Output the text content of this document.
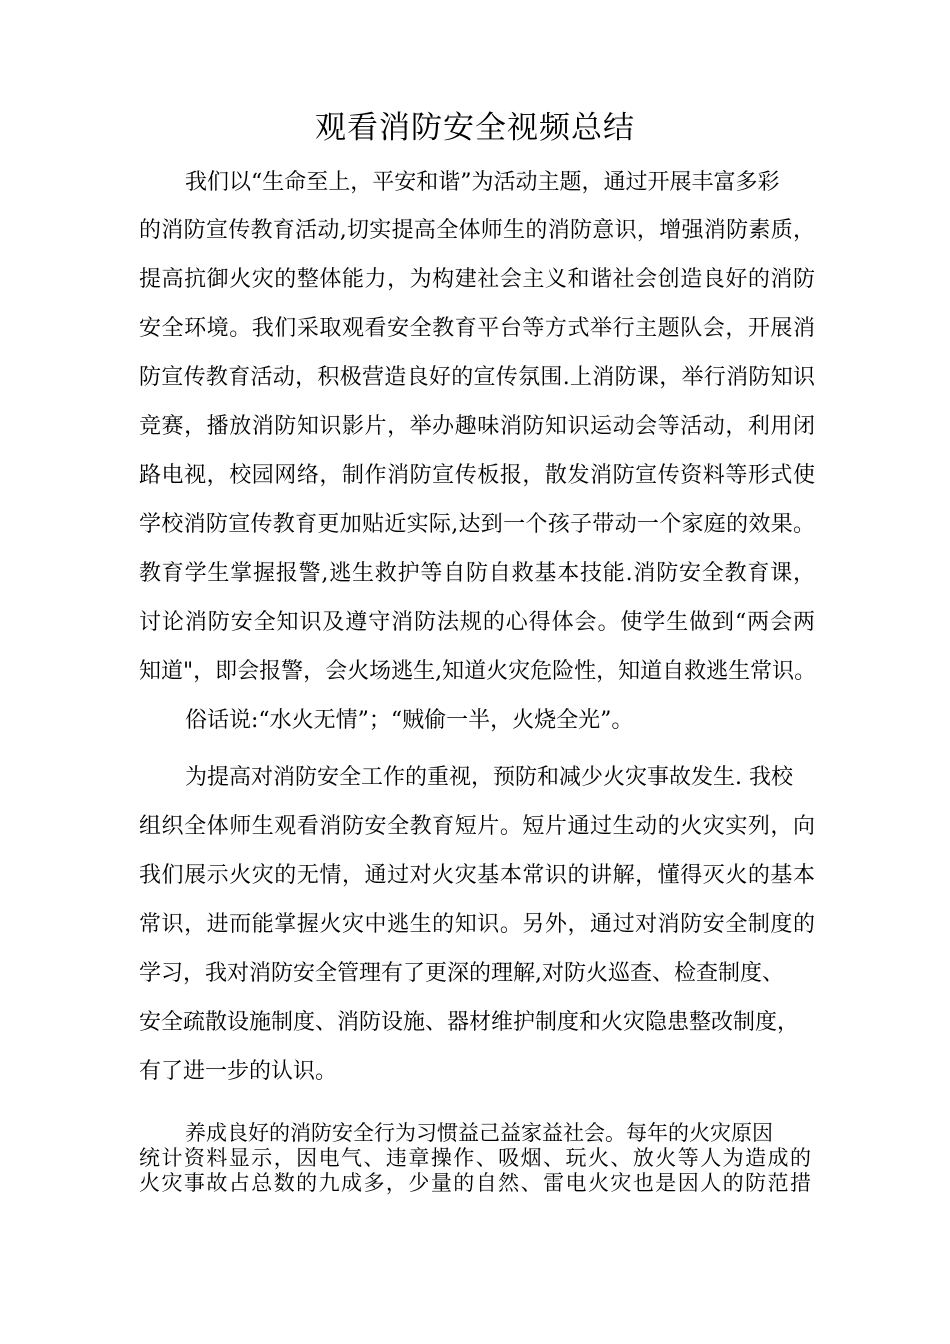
观看消防安全视频总结
我们以“生命至上，平安和谐”为活动主题，通过开展丰富多彩
的消防宣传教育活动,切实提高全体师生的消防意识，增强消防素质，
提高抗御火灾的整体能力，为构建社会主义和谐社会创造良好的消防
安全环境。我们采取观看安全教育平台等方式举行主题队会，开展消
防宣传教育活动，积极营造良好的宣传氛围.上消防课，举行消防知识
竞赛，播放消防知识影片，举办趣味消防知识运动会等活动，利用闭
路电视，校园网络，制作消防宣传板报，散发消防宣传资料等形式使
学校消防宣传教育更加贴近实际,达到一个孩子带动一个家庭的效果。
教育学生掌握报警,逃生救护等自防自救基本技能.消防安全教育课，
讨论消防安全知识及遵守消防法规的心得体会。使学生做到“两会两
知道"，即会报警，会火场逃生,知道火灾危险性，知道自救逃生常识。
俗话说:“水火无情”；“贼偷一半，火烧全光”。
为提高对消防安全工作的重视，预防和减少火灾事故发生. 我校
组织全体师生观看消防安全教育短片。短片通过生动的火灾实列，向
我们展示火灾的无情，通过对火灾基本常识的讲解，懂得灭火的基本
常识，进而能掌握火灾中逃生的知识。另外，通过对消防安全制度的
学习，我对消防安全管理有了更深的理解,对防火巡查、检查制度、
安全疏散设施制度、消防设施、器材维护制度和火灾隐患整改制度，
有了进一步的认识。
养成良好的消防安全行为习惯益己益家益社会。每年的火灾原因
统计资料显示，因电气、违章操作、吸烟、玩火、放火等人为造成的
火灾事故占总数的九成多，少量的自然、雷电火灾也是因人的防范措
